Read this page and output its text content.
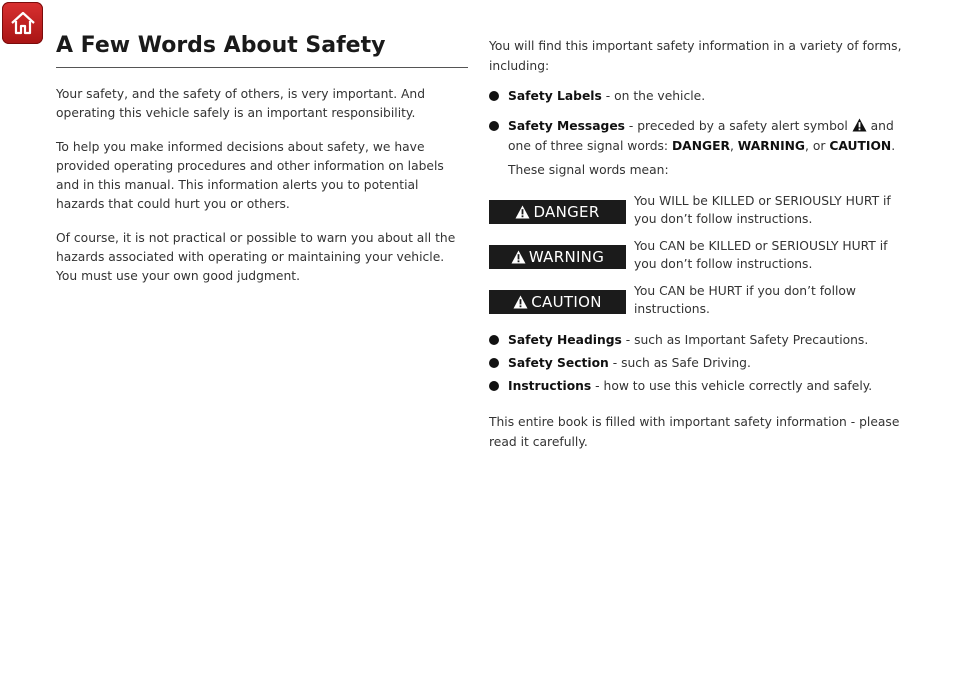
A Few Words About Safety

Your safety, and the safety of others, is very important. And operating this vehicle safely is an important responsibility.

To help you make informed decisions about safety, we have provided operating procedures and other information on labels and in this manual. This information alerts you to potential hazards that could hurt you or others.

Of course, it is not practical or possible to warn you about all the hazards associated with operating or maintaining your vehicle. You must use your own good judgment.

You will find this important safety information in a variety of forms, including:

Safety Labels - on the vehicle.
Safety Messages - preceded by a safety alert symbol  and one of three signal words: DANGER, WARNING, or CAUTION.
These signal words mean:
DANGER
You WILL be KILLED or SERIOUSLY HURT if you don’t follow instructions.
WARNING
You CAN be KILLED or SERIOUSLY HURT if you don’t follow instructions.
CAUTION
You CAN be HURT if you don’t follow instructions.
Safety Headings - such as Important Safety Precautions.
Safety Section - such as Safe Driving.
Instructions - how to use this vehicle correctly and safely.

This entire book is filled with important safety information - please read it carefully.
